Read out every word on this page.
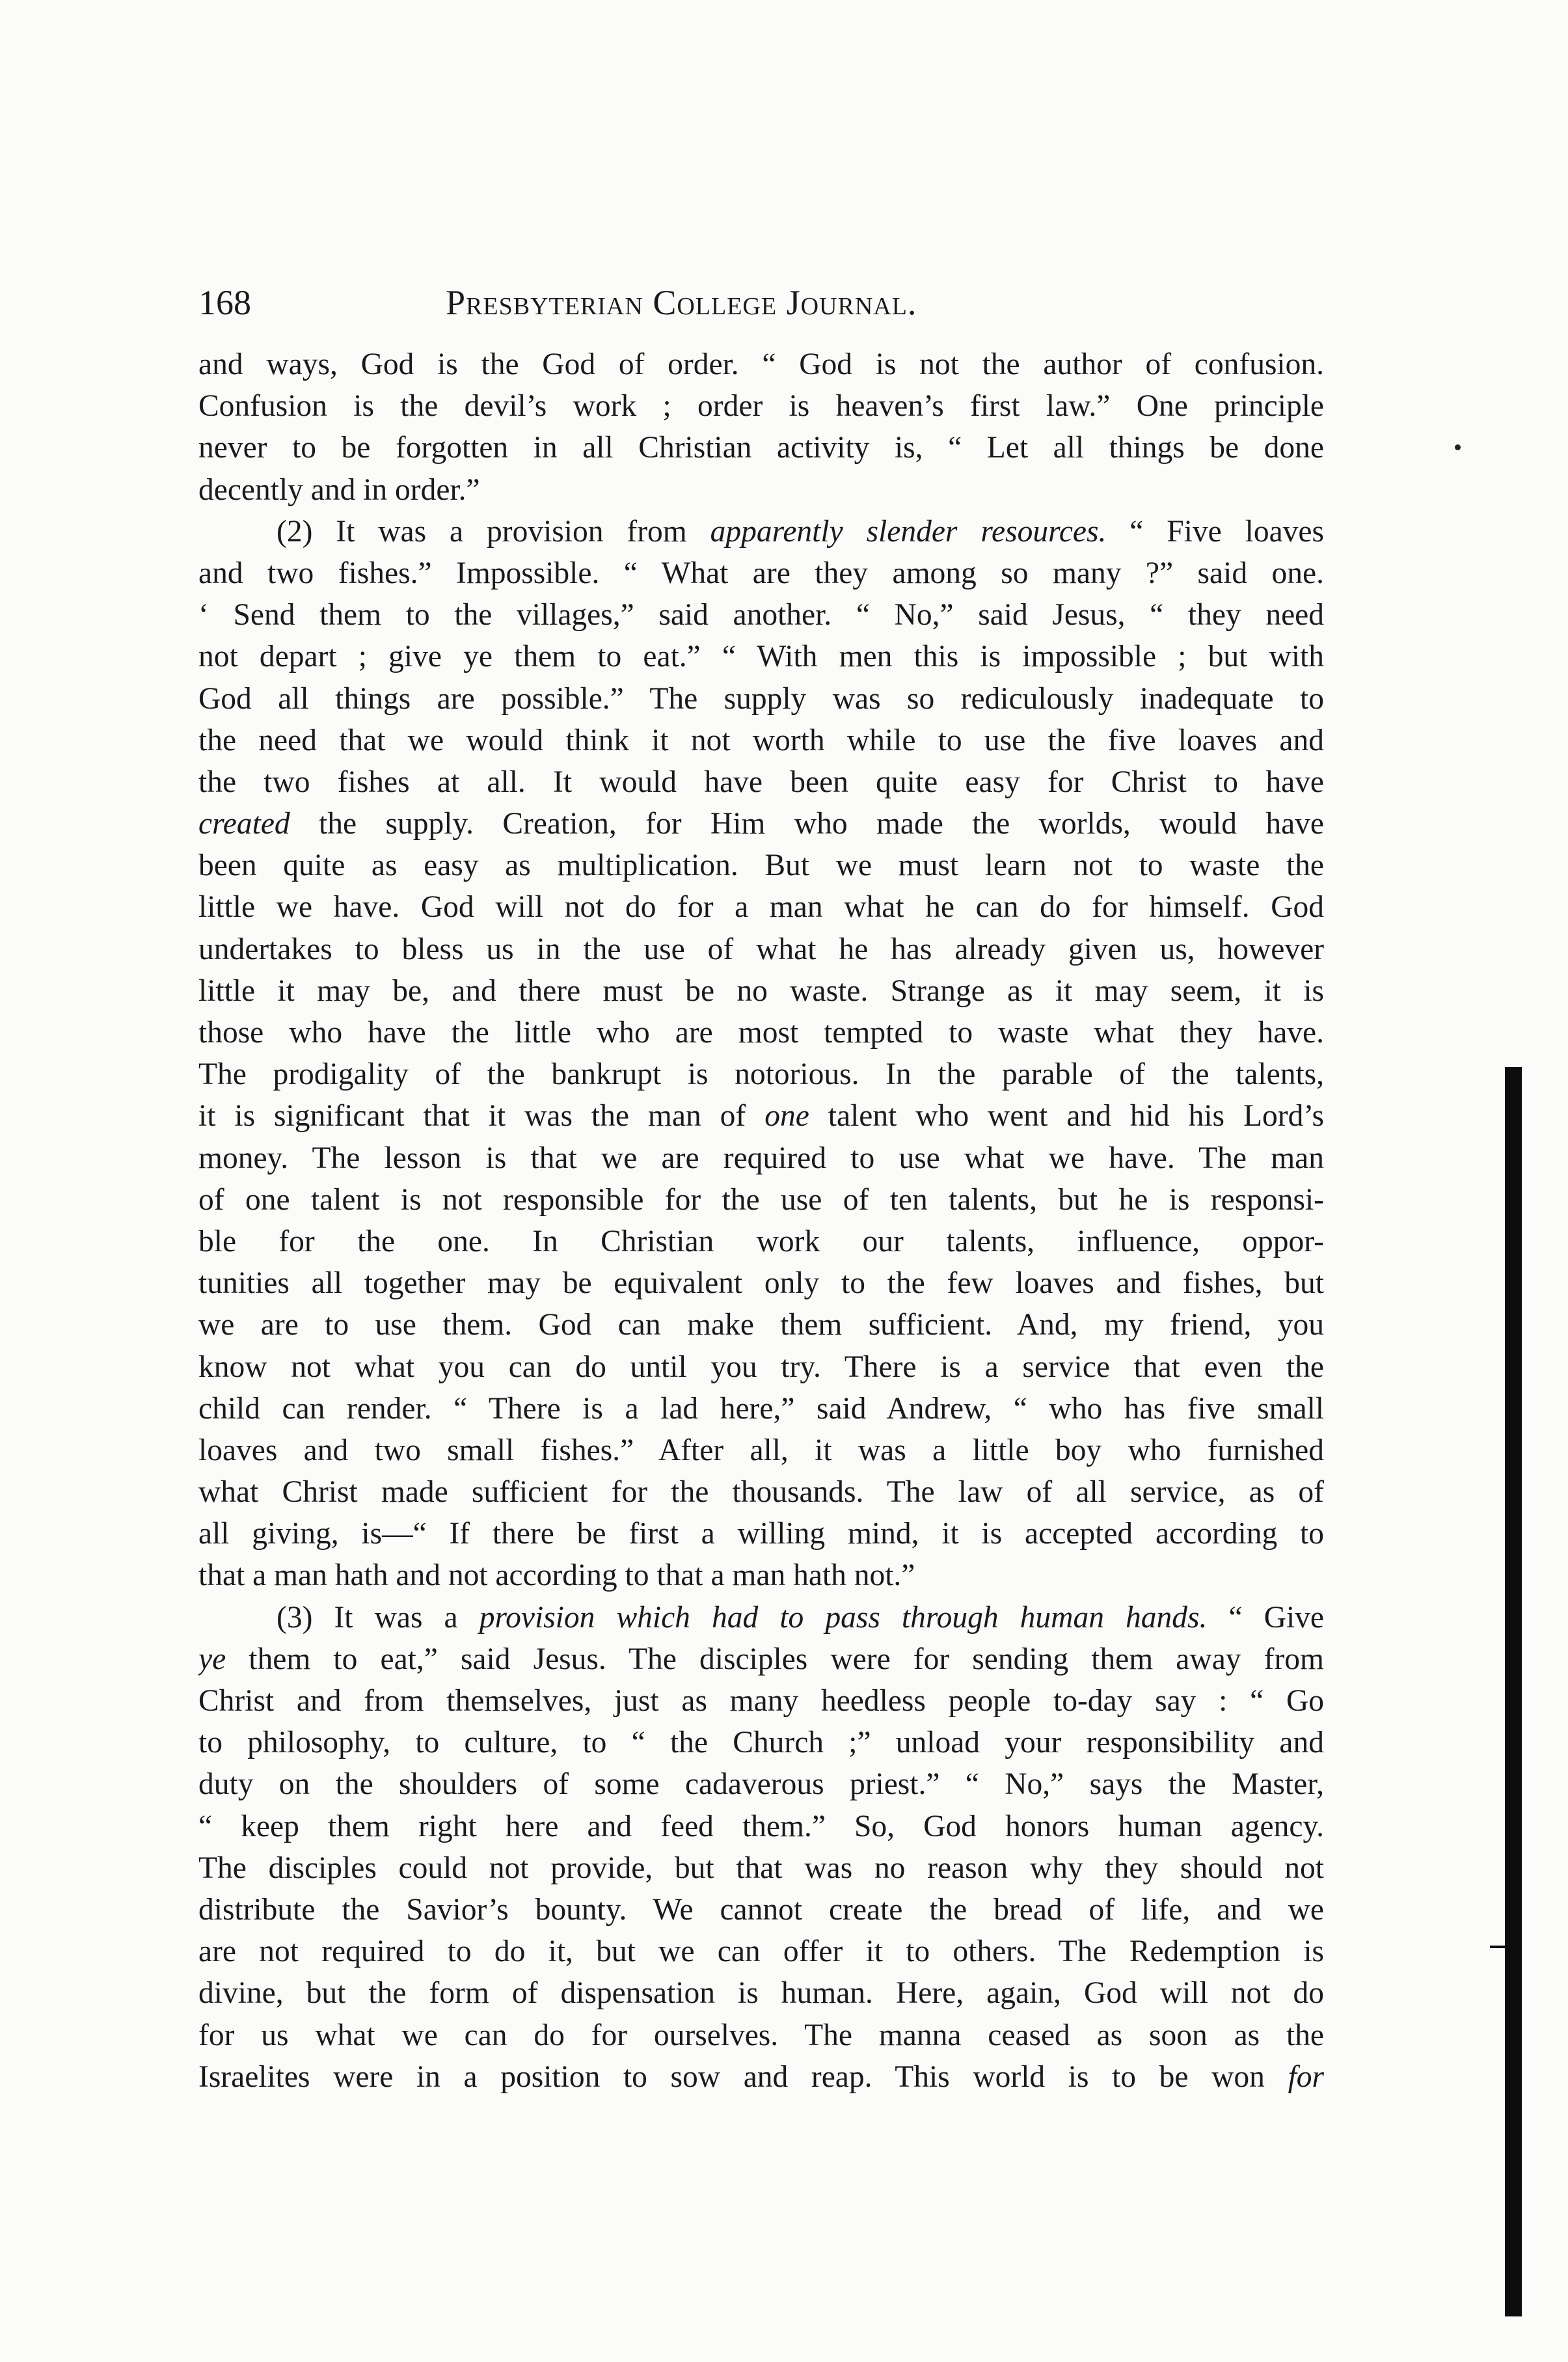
168	Presbyterian College Journal.
and ways, God is the God of order. “ God is not the author of confusion.
Confusion is the devil’s work ; order is heaven’s first law.” One principle
never to be forgotten in all Christian activity is, “ Let all things be done
decently and in order.”
(2) It was a provision from apparently slender resources. “ Five loaves
and two fishes.” Impossible. “ What are they among so many ?” said one.
‘ Send them to the villages,” said another. “ No,” said Jesus, “ they need
not depart ; give ye them to eat.” “ With men this is impossible ; but with
God all things are possible.” The supply was so rediculously inadequate to
the need that we would think it not worth while to use the five loaves and
the two fishes at all. It would have been quite easy for Christ to have
created the supply. Creation, for Him who made the worlds, would have
been quite as easy as multiplication. But we must learn not to waste the
little we have. God will not do for a man what he can do for himself. God
undertakes to bless us in the use of what he has already given us, however
little it may be, and there must be no waste. Strange as it may seem, it is
those who have the little who are most tempted to waste what they have.
The prodigality of the bankrupt is notorious. In the parable of the talents,
it is significant that it was the man of one talent who went and hid his Lord’s
money. The lesson is that we are required to use what we have. The man
of one talent is not responsible for the use of ten talents, but he is responsi-
ble for the one. In Christian work our talents, influence, oppor-
tunities all together may be equivalent only to the few loaves and fishes, but
we are to use them. God can make them sufficient. And, my friend, you
know not what you can do until you try. There is a service that even the
child can render. “ There is a lad here,” said Andrew, “ who has five small
loaves and two small fishes.” After all, it was a little boy who furnished
what Christ made sufficient for the thousands. The law of all service, as of
all giving, is—“ If there be first a willing mind, it is accepted according to
that a man hath and not according to that a man hath not.”
(3) It was a provision which had to pass through human hands. “ Give
ye them to eat,” said Jesus. The disciples were for sending them away from
Christ and from themselves, just as many heedless people to-day say : “ Go
to philosophy, to culture, to “ the Church ;” unload your responsibility and
duty on the shoulders of some cadaverous priest.” “ No,” says the Master,
“ keep them right here and feed them.” So, God honors human agency.
The disciples could not provide, but that was no reason why they should not
distribute the Savior’s bounty. We cannot create the bread of life, and we
are not required to do it, but we can offer it to others. The Redemption is
divine, but the form of dispensation is human. Here, again, God will not do
for us what we can do for ourselves. The manna ceased as soon as the
Israelites were in a position to sow and reap. This world is to be won for
